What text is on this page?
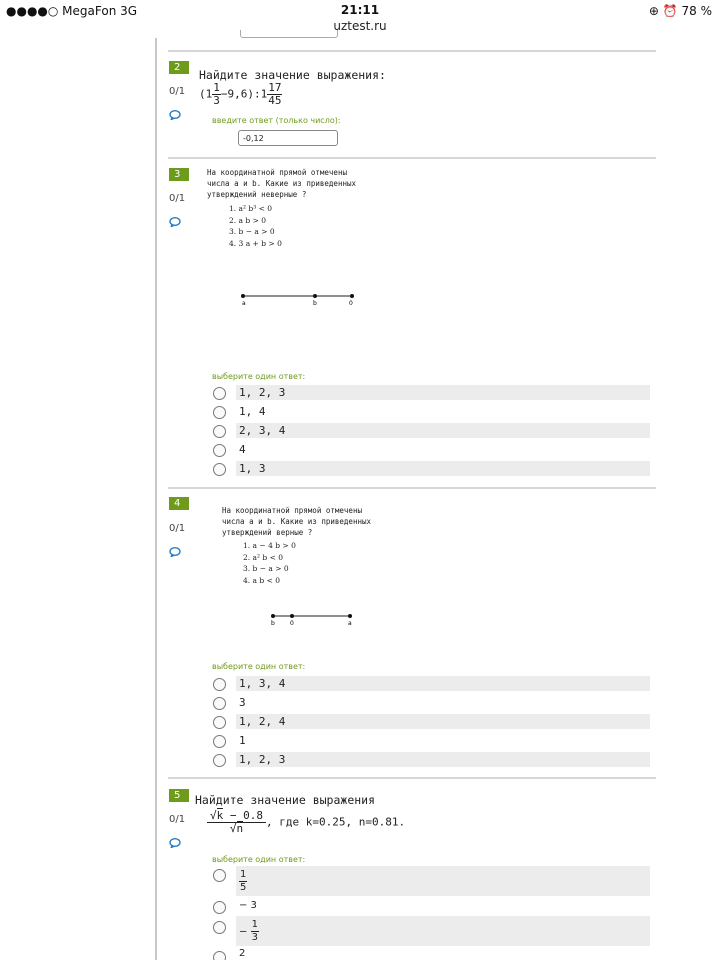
●●●●○ MegaFon 3G	21:11	⊕ ⏰ 78 %
uztest.ru
2
0/1
Найдите значение выражения:
($1 \frac{1}{3}$ −9,6):1 $\frac{17}{45}$
введите ответ (только число):
-0,12
3
0/1
На координатной прямой отмечены
числа a и b. Какие из приведенных
утверждений неверные ?
1. a² b³ < 0
2. a b > 0
3. b − a > 0
4. 3 a + b > 0
a	b	0
выберите один ответ:
1, 2, 3
1, 4
2, 3, 4
4
1, 3
4
0/1
На координатной прямой отмечены
числа a и b. Какие из приведенных
утверждений верные ?
1. a − 4 b > 0
2. a² b < 0
3. b − a > 0
4. a b < 0
b	0	a
выберите один ответ:
1, 3, 4
3
1, 2, 4
1
1, 2, 3
5
0/1
Найдите значение выражения
$\frac{√k - 0.8}{√n}$ , где k=0.25, n=0.81.
выберите один ответ:
$\frac{1}{5}$
− 3
− $\frac{1}{3}$
2
